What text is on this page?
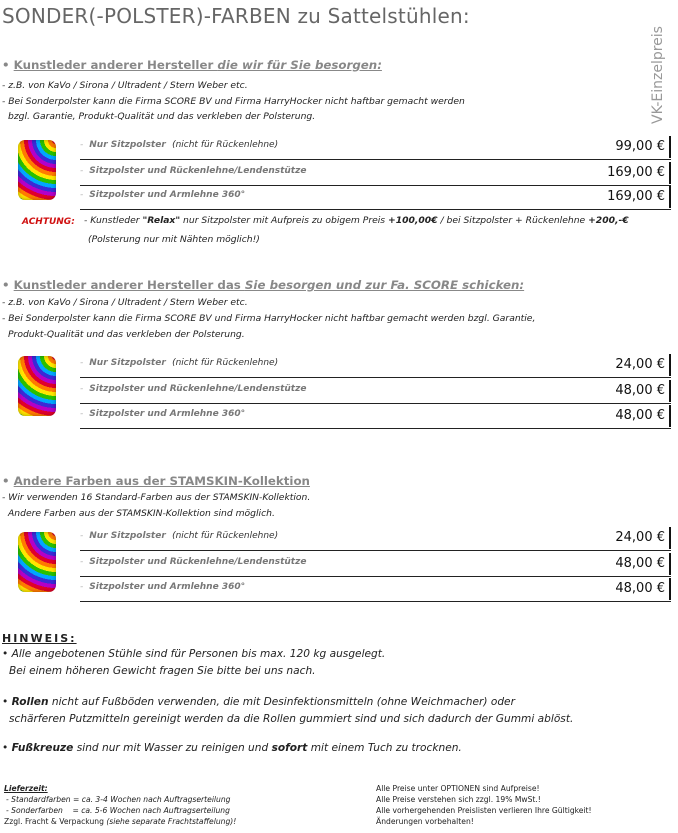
SONDER(-POLSTER)-FARBEN zu Sattelstühlen:
VK-Einzelpreis
• Kunstleder anderer Hersteller die wir für Sie besorgen:
- z.B. von KaVo / Sirona / Ultradent / Stern Weber etc.
- Bei Sonderpolster kann die Firma SCORE BV und Firma HarryHocker nicht haftbar gemacht werden
bzgl. Garantie, Produkt-Qualität und das verkleben der Polsterung.
- Nur Sitzpolster (nicht für Rückenlehne)	99,00 €
- Sitzpolster und Rückenlehne/Lendenstütze	169,00 €
- Sitzpolster und Armlehne 360°	169,00 €
ACHTUNG: - Kunstleder "Relax" nur Sitzpolster mit Aufpreis zu obigem Preis +100,00€ / bei Sitzpolster + Rückenlehne +200,-€
(Polsterung nur mit Nähten möglich!)
• Kunstleder anderer Hersteller das Sie besorgen und zur Fa. SCORE schicken:
- z.B. von KaVo / Sirona / Ultradent / Stern Weber etc.
- Bei Sonderpolster kann die Firma SCORE BV und Firma HarryHocker nicht haftbar gemacht werden bzgl. Garantie,
Produkt-Qualität und das verkleben der Polsterung.
- Nur Sitzpolster (nicht für Rückenlehne)	24,00 €
- Sitzpolster und Rückenlehne/Lendenstütze	48,00 €
- Sitzpolster und Armlehne 360°	48,00 €
• Andere Farben aus der STAMSKIN-Kollektion
- Wir verwenden 16 Standard-Farben aus der STAMSKIN-Kollektion.
Andere Farben aus der STAMSKIN-Kollektion sind möglich.
- Nur Sitzpolster (nicht für Rückenlehne)	24,00 €
- Sitzpolster und Rückenlehne/Lendenstütze	48,00 €
- Sitzpolster und Armlehne 360°	48,00 €
HINWEIS:
• Alle angebotenen Stühle sind für Personen bis max. 120 kg ausgelegt.
Bei einem höheren Gewicht fragen Sie bitte bei uns nach.
• Rollen nicht auf Fußböden verwenden, die mit Desinfektionsmitteln (ohne Weichmacher) oder
schärferen Putzmitteln gereinigt werden da die Rollen gummiert sind und sich dadurch der Gummi ablöst.
• Fußkreuze sind nur mit Wasser zu reinigen und sofort mit einem Tuch zu trocknen.
Lieferzeit:
- Standardfarben = ca. 3-4 Wochen nach Auftragserteilung
- Sonderfarben    = ca. 5-6 Wochen nach Auftragserteilung
Zzgl. Fracht & Verpackung (siehe separate Frachtstaffelung)!
Alle Preise unter OPTIONEN sind Aufpreise!
Alle Preise verstehen sich zzgl. 19% MwSt.!
Alle vorhergehenden Preislisten verlieren Ihre Gültigkeit!
Änderungen vorbehalten!
